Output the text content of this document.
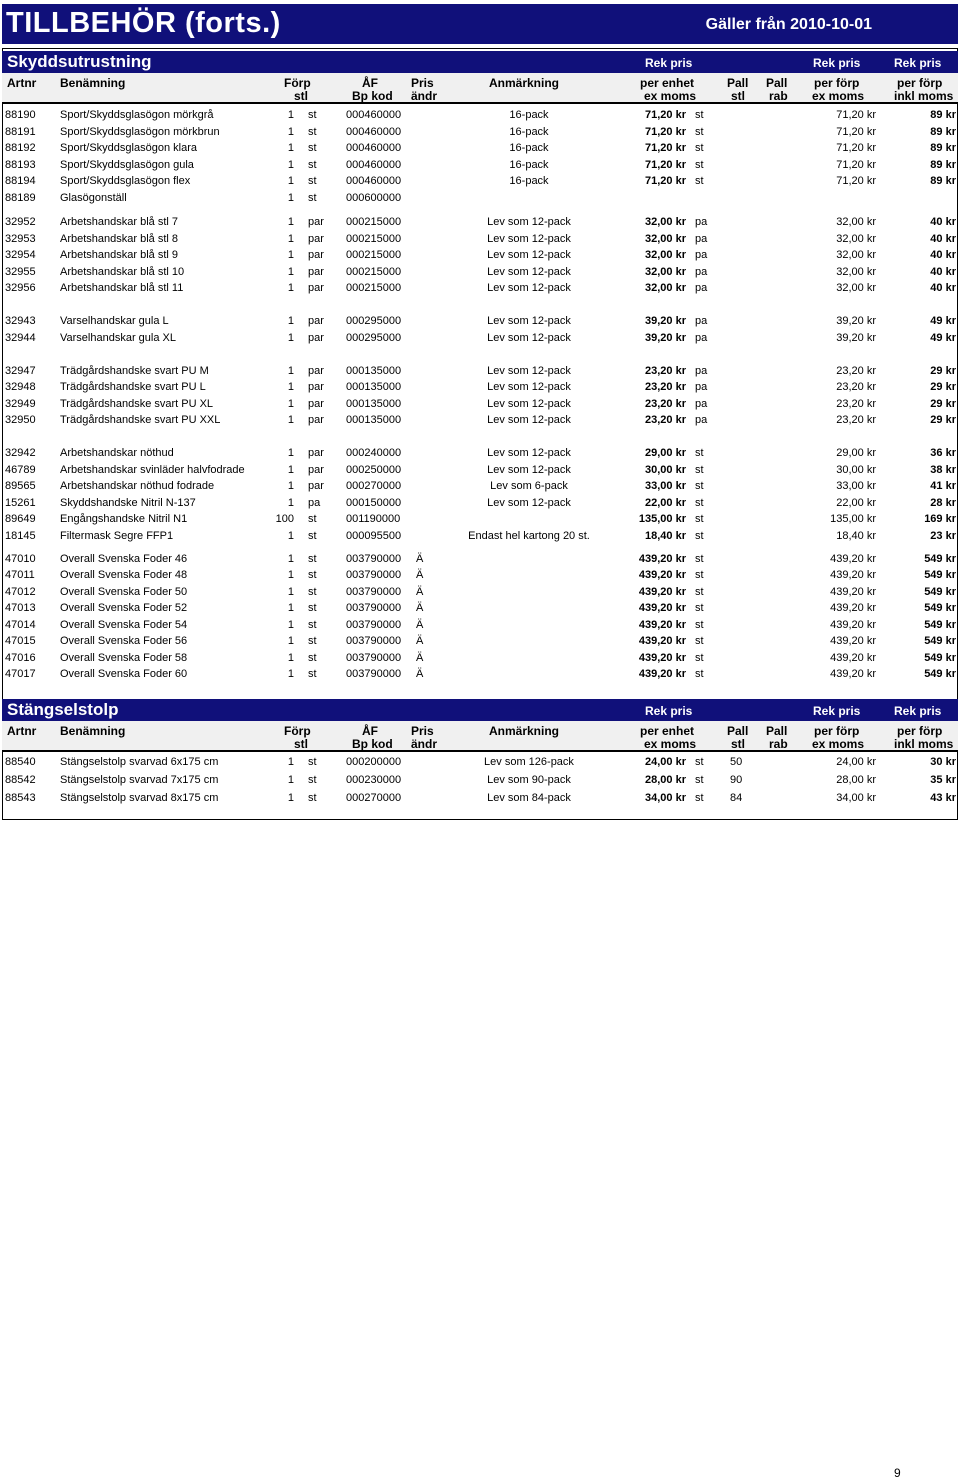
TILLBEHÖR (forts.)	Gäller från 2010-10-01
Skyddsutrustning	Rek pris	Rek pris	Rek pris
Artnr Benämning	Förp
stl
ÅF
Bp kod
Pris
ändr
Anmärkning	per enhet
ex moms
Pall
stl
Pall
rab
per förp
ex moms
per förp
inkl moms
88190 Sport/Skyddsglasögon mörkgrå	1 st	000460000	16-pack	71,20 kr st	71,20 kr	89 kr
88191 Sport/Skyddsglasögon mörkbrun	1 st	000460000	16-pack	71,20 kr st	71,20 kr	89 kr
88192 Sport/Skyddsglasögon klara	1 st	000460000	16-pack	71,20 kr st	71,20 kr	89 kr
88193 Sport/Skyddsglasögon gula	1 st	000460000	16-pack	71,20 kr st	71,20 kr	89 kr
88194 Sport/Skyddsglasögon flex	1 st	000460000	16-pack	71,20 kr st	71,20 kr	89 kr
88189 Glasögonställ	1 st	000600000
32952 Arbetshandskar blå stl 7	1 par 000215000	Lev som 12-pack	32,00 kr pa	32,00 kr	40 kr
32953 Arbetshandskar blå stl 8	1 par 000215000	Lev som 12-pack	32,00 kr pa	32,00 kr	40 kr
32954 Arbetshandskar blå stl 9	1 par 000215000	Lev som 12-pack	32,00 kr pa	32,00 kr	40 kr
32955 Arbetshandskar blå stl 10	1 par 000215000	Lev som 12-pack	32,00 kr pa	32,00 kr	40 kr
32956 Arbetshandskar blå stl 11	1 par 000215000	Lev som 12-pack	32,00 kr pa	32,00 kr	40 kr
32943 Varselhandskar gula L	1 par 000295000	Lev som 12-pack	39,20 kr pa	39,20 kr	49 kr
32944 Varselhandskar gula XL	1 par 000295000	Lev som 12-pack	39,20 kr pa	39,20 kr	49 kr
32947 Trädgårdshandske svart PU M	1 par 000135000	Lev som 12-pack	23,20 kr pa	23,20 kr	29 kr
32948 Trädgårdshandske svart PU L	1 par 000135000	Lev som 12-pack	23,20 kr pa	23,20 kr	29 kr
32949 Trädgårdshandske svart PU XL	1 par 000135000	Lev som 12-pack	23,20 kr pa	23,20 kr	29 kr
32950 Trädgårdshandske svart PU XXL	1 par 000135000	Lev som 12-pack	23,20 kr pa	23,20 kr	29 kr
32942 Arbetshandskar nöthud	1 par 000240000	Lev som 12-pack	29,00 kr st	29,00 kr	36 kr
46789 Arbetshandskar svinläder halvfodrade	1 par 000250000	Lev som 12-pack	30,00 kr st	30,00 kr	38 kr
89565 Arbetshandskar nöthud fodrade	1 par 000270000	Lev som 6-pack	33,00 kr st	33,00 kr	41 kr
15261 Skyddshandske Nitril N-137	1 pa 000150000	Lev som 12-pack	22,00 kr st	22,00 kr	28 kr
89649 Engångshandske Nitril N1	100 st	001190000	135,00 kr st	135,00 kr	169 kr
18145 Filtermask Segre FFP1	1 st	000095500	Endast hel kartong 20 st.	18,40 kr st	18,40 kr	23 kr
47010 Overall Svenska Foder 46	1 st	003790000 Ä	439,20 kr st	439,20 kr	549 kr
47011 Overall Svenska Foder 48	1 st	003790000 Ä	439,20 kr st	439,20 kr	549 kr
47012 Overall Svenska Foder 50	1 st	003790000 Ä	439,20 kr st	439,20 kr	549 kr
47013 Overall Svenska Foder 52	1 st	003790000 Ä	439,20 kr st	439,20 kr	549 kr
47014 Overall Svenska Foder 54	1 st	003790000 Ä	439,20 kr st	439,20 kr	549 kr
47015 Overall Svenska Foder 56	1 st	003790000 Ä	439,20 kr st	439,20 kr	549 kr
47016 Overall Svenska Foder 58	1 st	003790000 Ä	439,20 kr st	439,20 kr	549 kr
47017 Overall Svenska Foder 60	1 st	003790000 Ä	439,20 kr st	439,20 kr	549 kr
Stängselstolp	Rek pris	Rek pris	Rek pris
Artnr Benämning	Förp
stl
ÅF
Bp kod
Pris
ändr
Anmärkning	per enhet
ex moms
Pall
stl
Pall
rab
per förp
ex moms
per förp
inkl moms
88540 Stängselstolp svarvad 6x175 cm	1 st	000200000	Lev som 126-pack	24,00 kr st 50	24,00 kr	30 kr
88542 Stängselstolp svarvad 7x175 cm	1 st	000230000	Lev som 90-pack	28,00 kr st 90	28,00 kr	35 kr
88543 Stängselstolp svarvad 8x175 cm	1 st	000270000	Lev som 84-pack	34,00 kr st 84	34,00 kr	43 kr
9
